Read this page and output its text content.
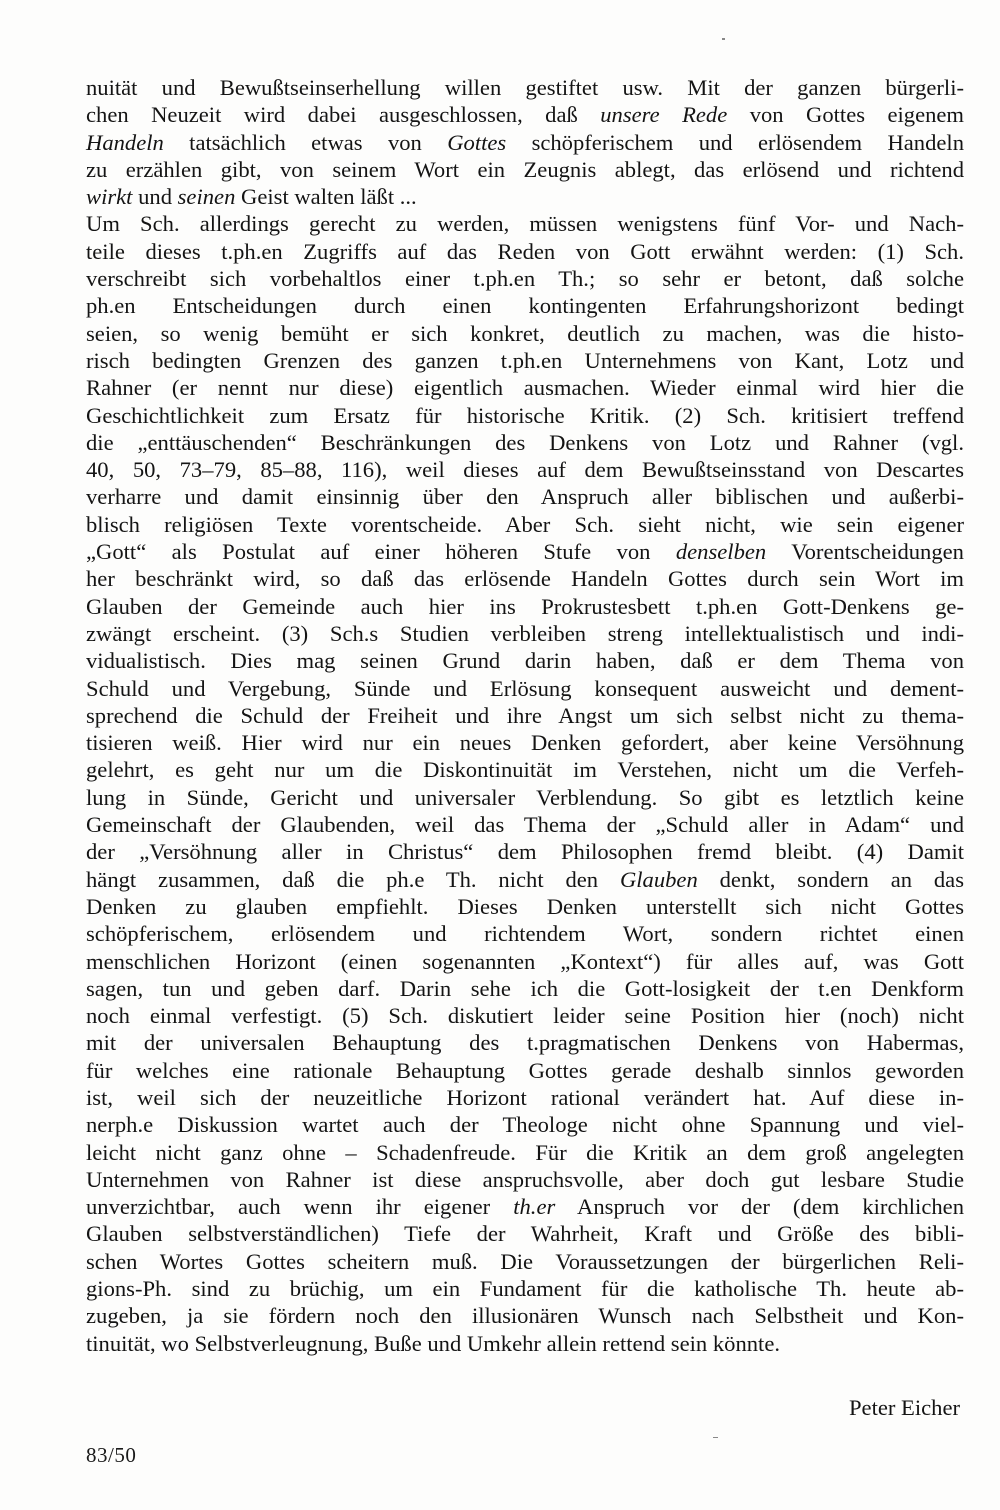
nuität und Bewußtseinserhellung willen gestiftet usw. Mit der ganzen bürgerli-
chen Neuzeit wird dabei ausgeschlossen, daß unsere Rede von Gottes eigenem
Handeln tatsächlich etwas von Gottes schöpferischem und erlösendem Handeln
zu erzählen gibt, von seinem Wort ein Zeugnis ablegt, das erlösend und richtend
wirkt und seinen Geist walten läßt ...
Um Sch. allerdings gerecht zu werden, müssen wenigstens fünf Vor- und Nach-
teile dieses t.ph.en Zugriffs auf das Reden von Gott erwähnt werden: (1) Sch.
verschreibt sich vorbehaltlos einer t.ph.en Th.; so sehr er betont, daß solche
ph.en Entscheidungen durch einen kontingenten Erfahrungshorizont bedingt
seien, so wenig bemüht er sich konkret, deutlich zu machen, was die histo-
risch bedingten Grenzen des ganzen t.ph.en Unternehmens von Kant, Lotz und
Rahner (er nennt nur diese) eigentlich ausmachen. Wieder einmal wird hier die
Geschichtlichkeit zum Ersatz für historische Kritik. (2) Sch. kritisiert treffend
die „enttäuschenden“ Beschränkungen des Denkens von Lotz und Rahner (vgl.
40, 50, 73–79, 85–88, 116), weil dieses auf dem Bewußtseinsstand von Descartes
verharre und damit einsinnig über den Anspruch aller biblischen und außerbi-
blisch religiösen Texte vorentscheide. Aber Sch. sieht nicht, wie sein eigener
„Gott“ als Postulat auf einer höheren Stufe von denselben Vorentscheidungen
her beschränkt wird, so daß das erlösende Handeln Gottes durch sein Wort im
Glauben der Gemeinde auch hier ins Prokrustesbett t.ph.en Gott-Denkens ge-
zwängt erscheint. (3) Sch.s Studien verbleiben streng intellektualistisch und indi-
vidualistisch. Dies mag seinen Grund darin haben, daß er dem Thema von
Schuld und Vergebung, Sünde und Erlösung konsequent ausweicht und dement-
sprechend die Schuld der Freiheit und ihre Angst um sich selbst nicht zu thema-
tisieren weiß. Hier wird nur ein neues Denken gefordert, aber keine Versöhnung
gelehrt, es geht nur um die Diskontinuität im Verstehen, nicht um die Verfeh-
lung in Sünde, Gericht und universaler Verblendung. So gibt es letztlich keine
Gemeinschaft der Glaubenden, weil das Thema der „Schuld aller in Adam“ und
der „Versöhnung aller in Christus“ dem Philosophen fremd bleibt. (4) Damit
hängt zusammen, daß die ph.e Th. nicht den Glauben denkt, sondern an das
Denken zu glauben empfiehlt. Dieses Denken unterstellt sich nicht Gottes
schöpferischem, erlösendem und richtendem Wort, sondern richtet einen
menschlichen Horizont (einen sogenannten „Kontext“) für alles auf, was Gott
sagen, tun und geben darf. Darin sehe ich die Gott-losigkeit der t.en Denkform
noch einmal verfestigt. (5) Sch. diskutiert leider seine Position hier (noch) nicht
mit der universalen Behauptung des t.pragmatischen Denkens von Habermas,
für welches eine rationale Behauptung Gottes gerade deshalb sinnlos geworden
ist, weil sich der neuzeitliche Horizont rational verändert hat. Auf diese in-
nerph.e Diskussion wartet auch der Theologe nicht ohne Spannung und viel-
leicht nicht ganz ohne – Schadenfreude. Für die Kritik an dem groß angelegten
Unternehmen von Rahner ist diese anspruchsvolle, aber doch gut lesbare Studie
unverzichtbar, auch wenn ihr eigener th.er Anspruch vor der (dem kirchlichen
Glauben selbstverständlichen) Tiefe der Wahrheit, Kraft und Größe des bibli-
schen Wortes Gottes scheitern muß. Die Voraussetzungen der bürgerlichen Reli-
gions-Ph. sind zu brüchig, um ein Fundament für die katholische Th. heute ab-
zugeben, ja sie fördern noch den illusionären Wunsch nach Selbstheit und Kon-
tinuität, wo Selbstverleugnung, Buße und Umkehr allein rettend sein könnte.
Peter Eicher
83/50
